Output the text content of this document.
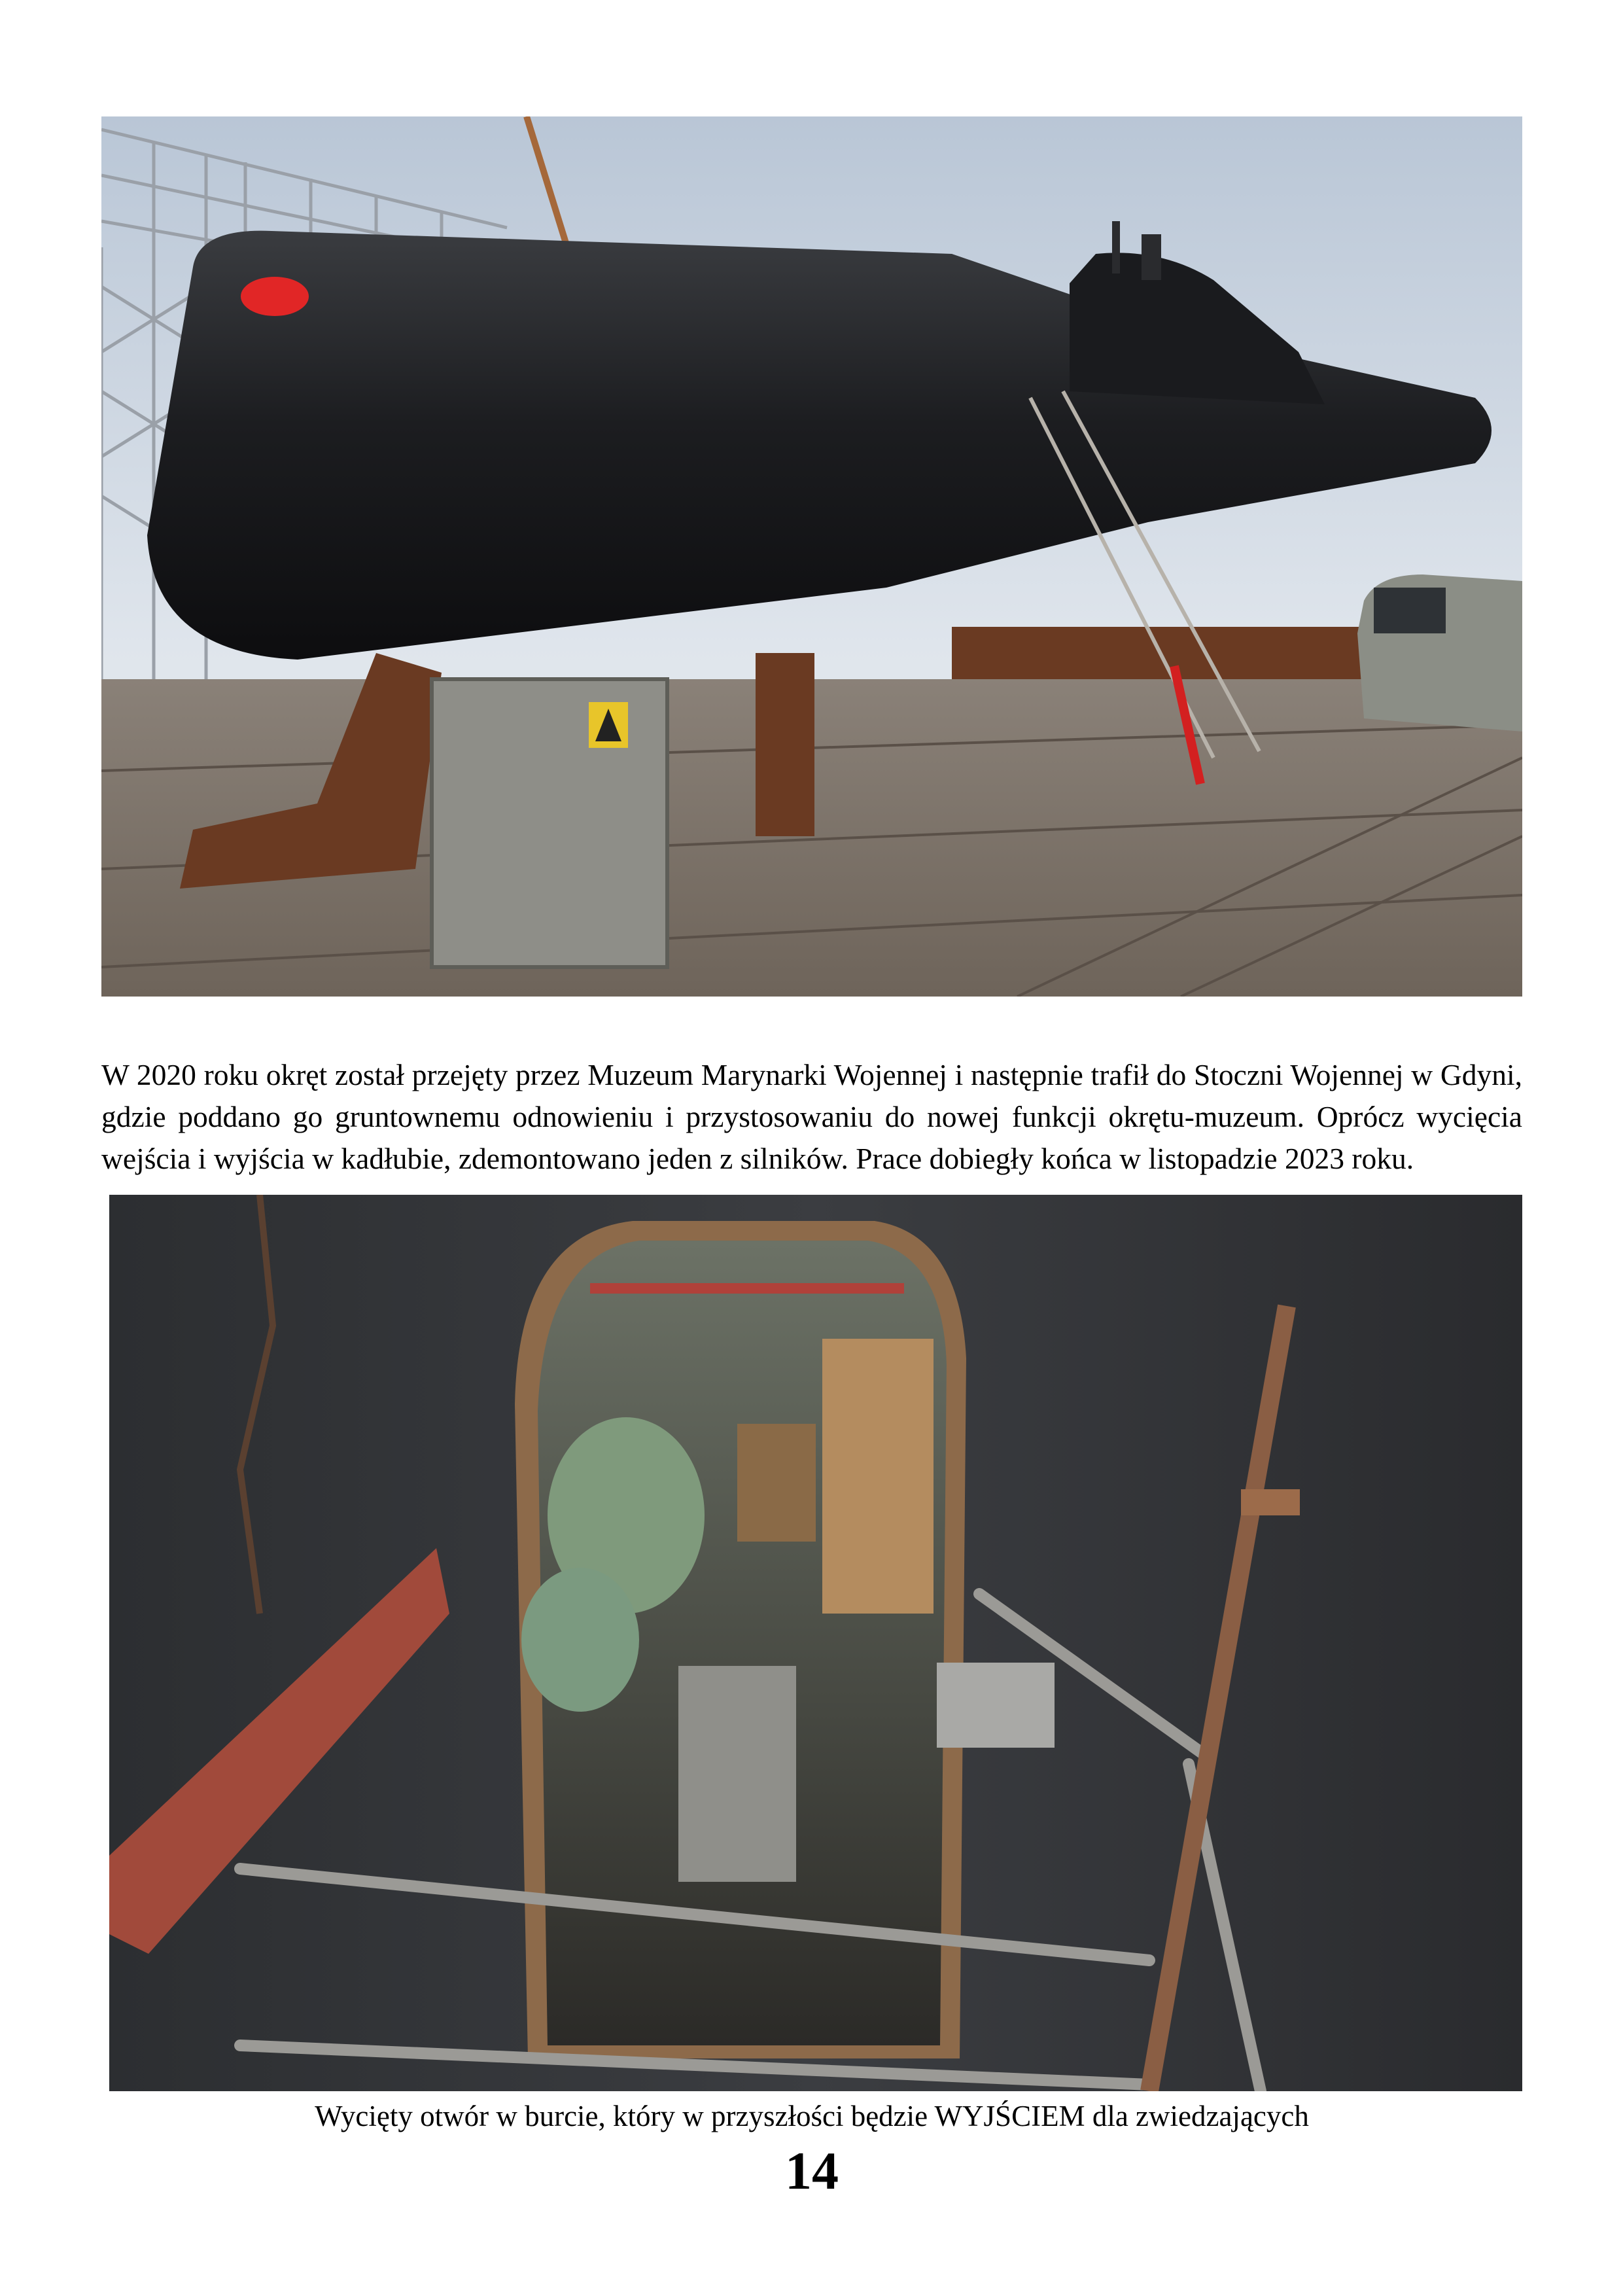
W 2020 roku okręt został przejęty przez Muzeum Marynarki Wojennej i następnie trafił do Stoczni Wojennej w Gdyni, gdzie poddano go gruntownemu odnowieniu i przystosowaniu do nowej funkcji okrętu-muzeum. Oprócz wycięcia wejścia i wyjścia w kadłubie, zdemontowano jeden z silników. Prace dobiegły końca w listopadzie 2023 roku.

Wycięty otwór w burcie, który w przyszłości będzie WYJŚCIEM dla zwiedzających
14
